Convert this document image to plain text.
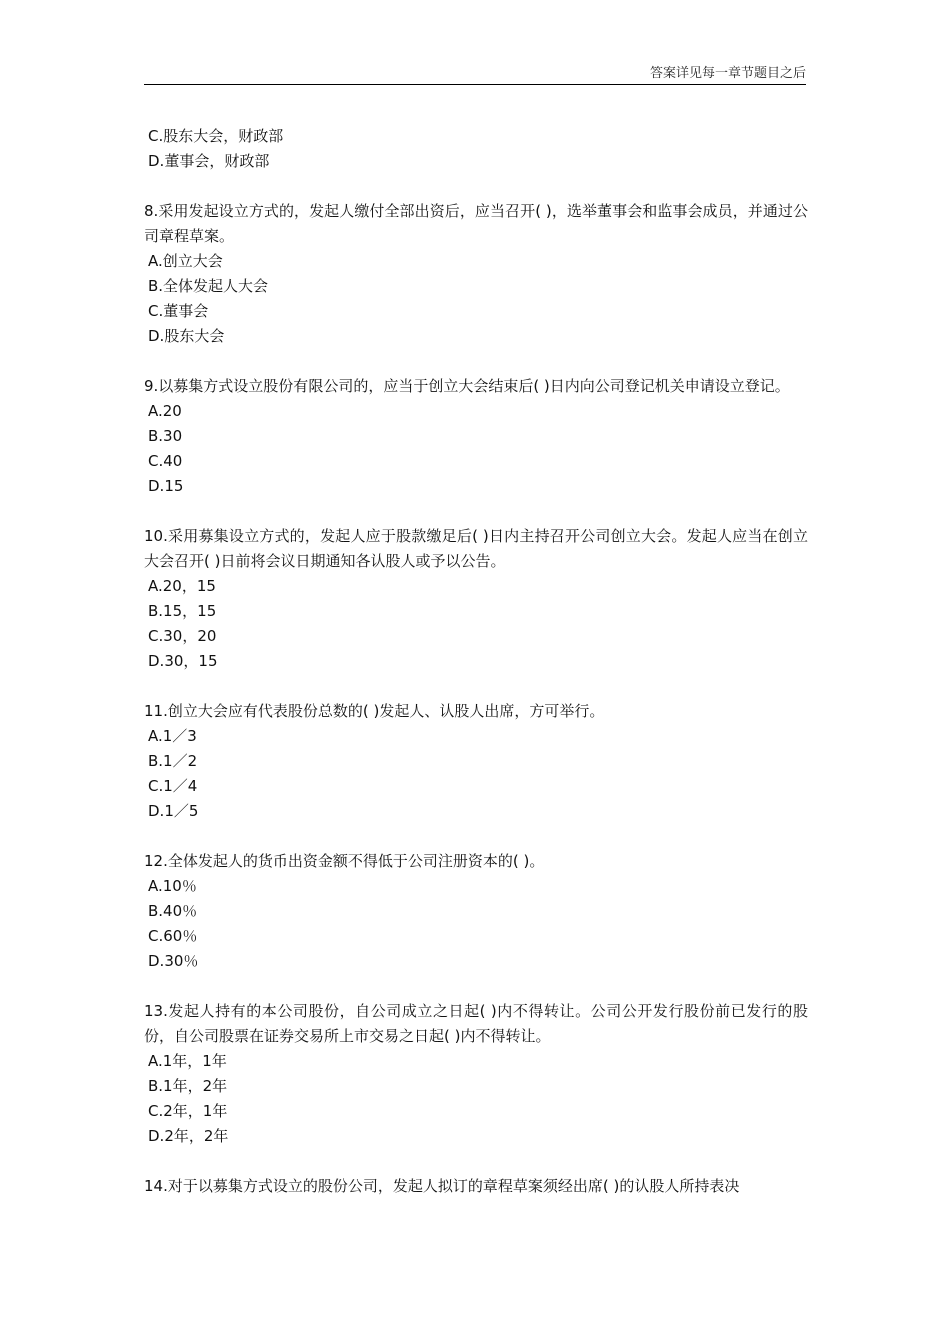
答案详见每一章节题目之后

C.股东大会，财政部

D.董事会，财政部

8.采用发起设立方式的，发起人缴付全部出资后，应当召开( )，选举董事会和监事会成员，并通过公司章程草案。

A.创立大会

B.全体发起人大会

C.董事会

D.股东大会

9.以募集方式设立股份有限公司的，应当于创立大会结束后( )日内向公司登记机关申请设立登记。

A.20

B.30

C.40

D.15

10.采用募集设立方式的，发起人应于股款缴足后( )日内主持召开公司创立大会。发起人应当在创立大会召开( )日前将会议日期通知各认股人或予以公告。

A.20，15

B.15，15

C.30，20

D.30，15

11.创立大会应有代表股份总数的( )发起人、认股人出席，方可举行。

A.1／3

B.1／2

C.1／4

D.1／5

12.全体发起人的货币出资金额不得低于公司注册资本的( )。

A.10％

B.40％

C.60％

D.30％

13.发起人持有的本公司股份，自公司成立之日起( )内不得转让。公司公开发行股份前已发行的股份，自公司股票在证券交易所上市交易之日起( )内不得转让。

A.1年，1年

B.1年，2年

C.2年，1年

D.2年，2年

14.对于以募集方式设立的股份公司，发起人拟订的章程草案须经出席( )的认股人所持表决
